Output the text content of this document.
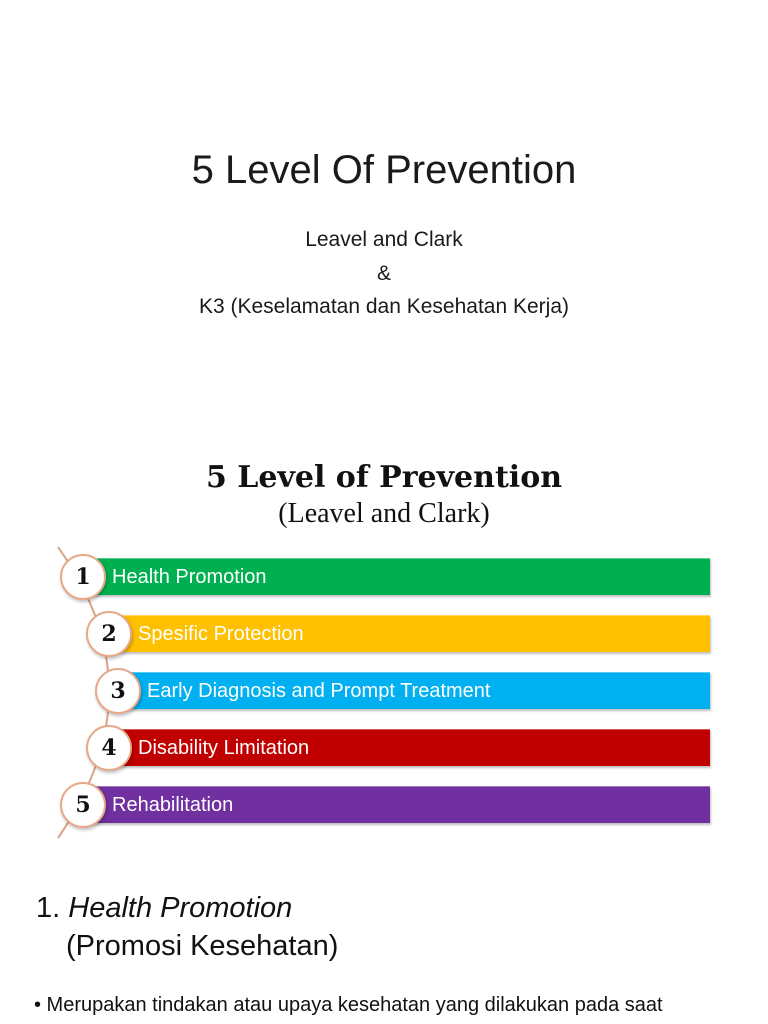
5 Level Of Prevention
Leavel and Clark
&
K3 (Keselamatan dan Kesehatan Kerja)
5 Level of Prevention
(Leavel and Clark)
Health Promotion
1
Spesific Protection
2
Early Diagnosis and Prompt Treatment
3
Disability Limitation
4
Rehabilitation
5
1. Health Promotion
(Promosi Kesehatan)
• Merupakan tindakan atau upaya kesehatan yang dilakukan pada saat
